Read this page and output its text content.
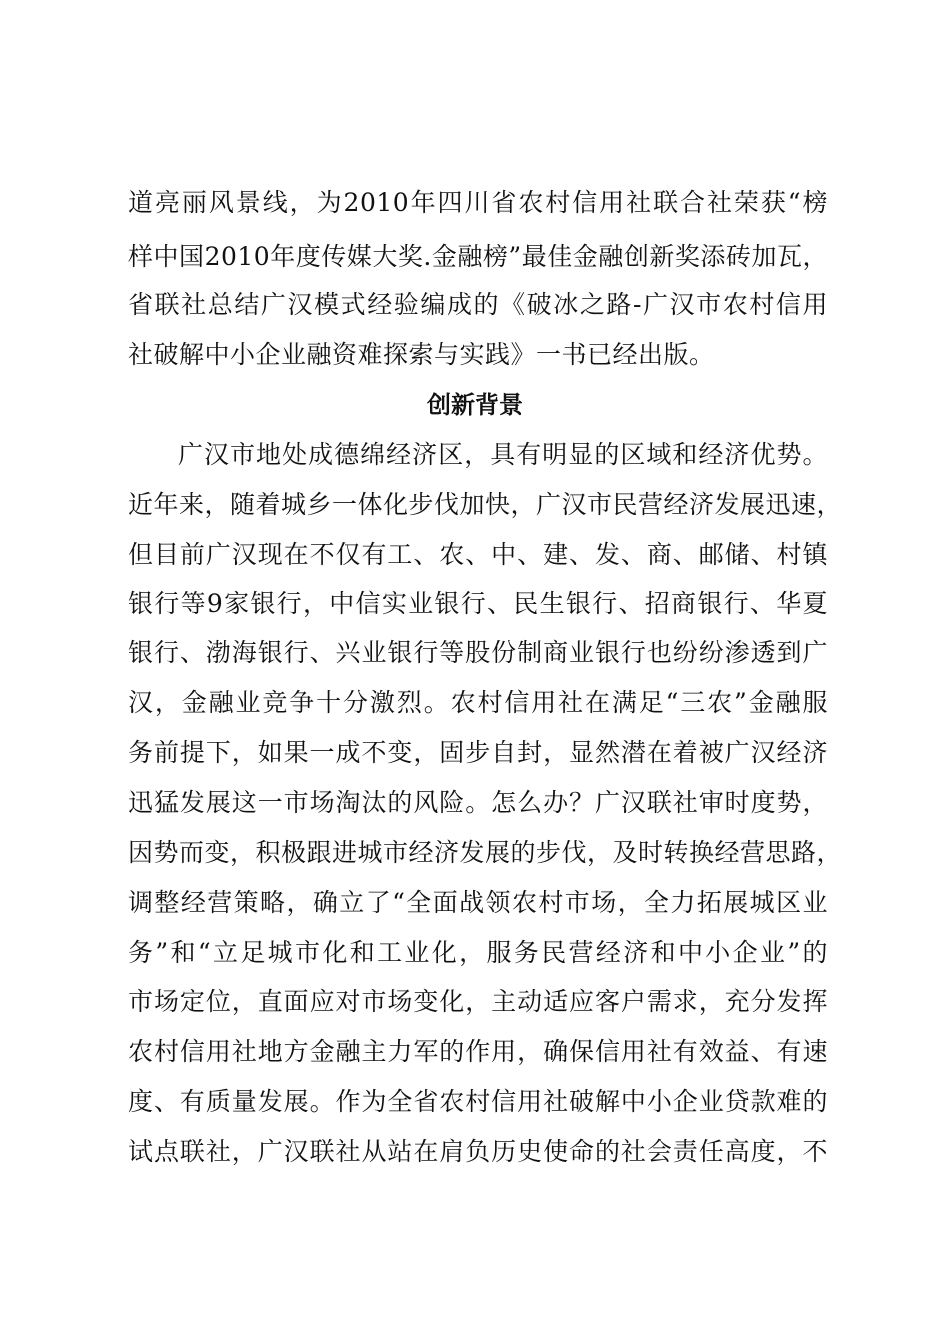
道亮丽风景线，为2010年四川省农村信用社联合社荣获“榜
样中国2010年度传媒大奖.金融榜”最佳金融创新奖添砖加瓦，
省联社总结广汉模式经验编成的《破冰之路-广汉市农村信用
社破解中小企业融资难探索与实践》一书已经出版。
创新背景
广汉市地处成德绵经济区，具有明显的区域和经济优势。
近年来，随着城乡一体化步伐加快，广汉市民营经济发展迅速，
但目前广汉现在不仅有工、农、中、建、发、商、邮储、村镇
银行等9家银行，中信实业银行、民生银行、招商银行、华夏
银行、渤海银行、兴业银行等股份制商业银行也纷纷渗透到广
汉，金融业竞争十分激烈。农村信用社在满足“三农”金融服
务前提下，如果一成不变，固步自封，显然潜在着被广汉经济
迅猛发展这一市场淘汰的风险。怎么办？广汉联社审时度势，
因势而变，积极跟进城市经济发展的步伐，及时转换经营思路，
调整经营策略，确立了“全面战领农村市场，全力拓展城区业
务”和“立足城市化和工业化，服务民营经济和中小企业”的
市场定位，直面应对市场变化，主动适应客户需求，充分发挥
农村信用社地方金融主力军的作用，确保信用社有效益、有速
度、有质量发展。作为全省农村信用社破解中小企业贷款难的
试点联社，广汉联社从站在肩负历史使命的社会责任高度，不
